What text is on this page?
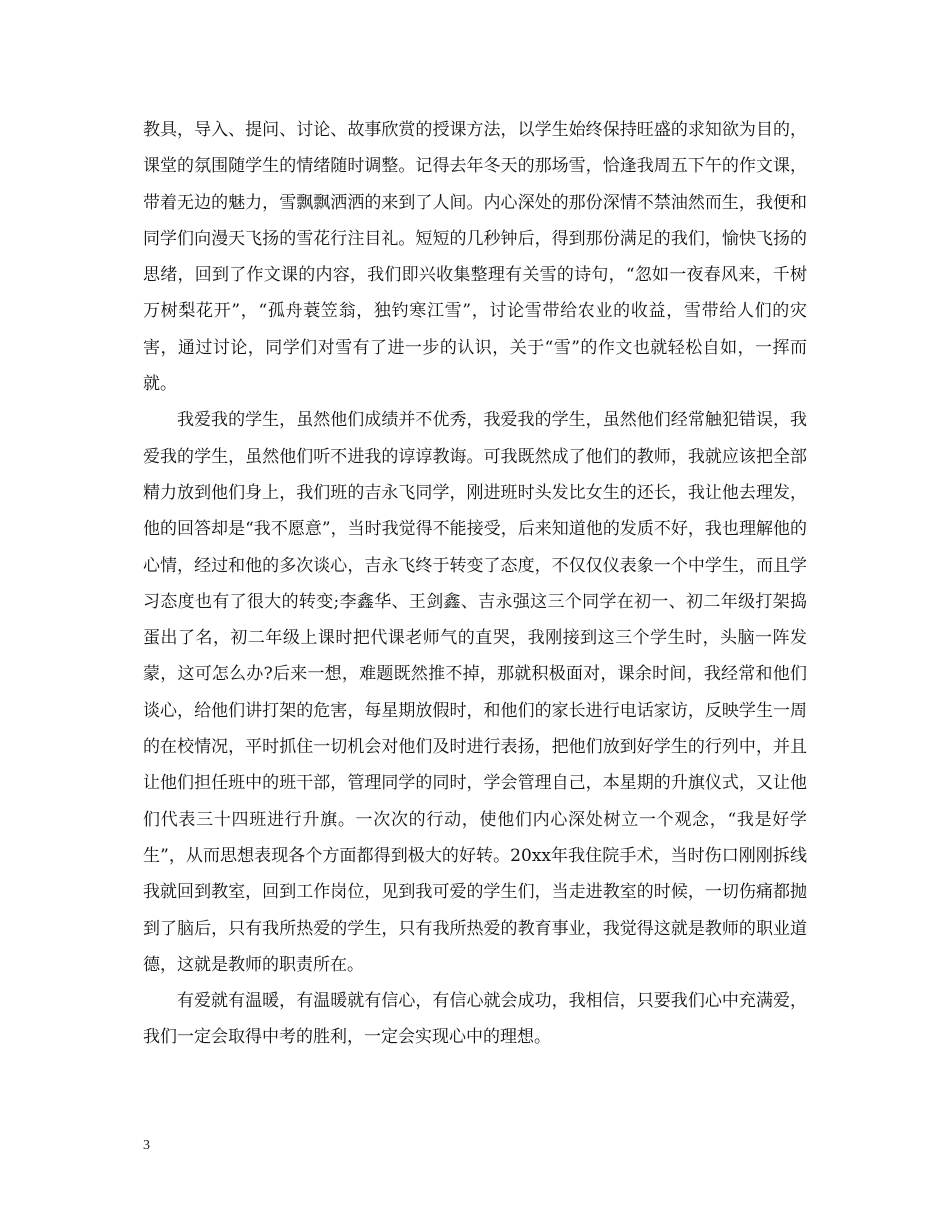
教具，导入、提问、讨论、故事欣赏的授课方法，以学生始终保持旺盛的求知欲为目的，课堂的氛围随学生的情绪随时调整。记得去年冬天的那场雪，恰逢我周五下午的作文课，带着无边的魅力，雪飘飘洒洒的来到了人间。内心深处的那份深情不禁油然而生，我便和同学们向漫天飞扬的雪花行注目礼。短短的几秒钟后，得到那份满足的我们，愉快飞扬的思绪，回到了作文课的内容，我们即兴收集整理有关雪的诗句，“忽如一夜春风来，千树万树梨花开”，“孤舟蓑笠翁，独钓寒江雪”，讨论雪带给农业的收益，雪带给人们的灾害，通过讨论，同学们对雪有了进一步的认识，关于“雪”的作文也就轻松自如，一挥而就。

我爱我的学生，虽然他们成绩并不优秀，我爱我的学生，虽然他们经常触犯错误，我爱我的学生，虽然他们听不进我的谆谆教诲。可我既然成了他们的教师，我就应该把全部精力放到他们身上，我们班的吉永飞同学，刚进班时头发比女生的还长，我让他去理发，他的回答却是“我不愿意”，当时我觉得不能接受，后来知道他的发质不好，我也理解他的心情，经过和他的多次谈心，吉永飞终于转变了态度，不仅仅仪表象一个中学生，而且学习态度也有了很大的转变;李鑫华、王剑鑫、吉永强这三个同学在初一、初二年级打架捣蛋出了名，初二年级上课时把代课老师气的直哭，我刚接到这三个学生时，头脑一阵发蒙，这可怎么办?后来一想，难题既然推不掉，那就积极面对，课余时间，我经常和他们谈心，给他们讲打架的危害，每星期放假时，和他们的家长进行电话家访，反映学生一周的在校情况，平时抓住一切机会对他们及时进行表扬，把他们放到好学生的行列中，并且让他们担任班中的班干部，管理同学的同时，学会管理自己，本星期的升旗仪式，又让他们代表三十四班进行升旗。一次次的行动，使他们内心深处树立一个观念，“我是好学生”，从而思想表现各个方面都得到极大的好转。20xx年我住院手术，当时伤口刚刚拆线我就回到教室，回到工作岗位，见到我可爱的学生们，当走进教室的时候，一切伤痛都抛到了脑后，只有我所热爱的学生，只有我所热爱的教育事业，我觉得这就是教师的职业道德，这就是教师的职责所在。

有爱就有温暖，有温暖就有信心，有信心就会成功，我相信，只要我们心中充满爱，我们一定会取得中考的胜利，一定会实现心中的理想。

3
